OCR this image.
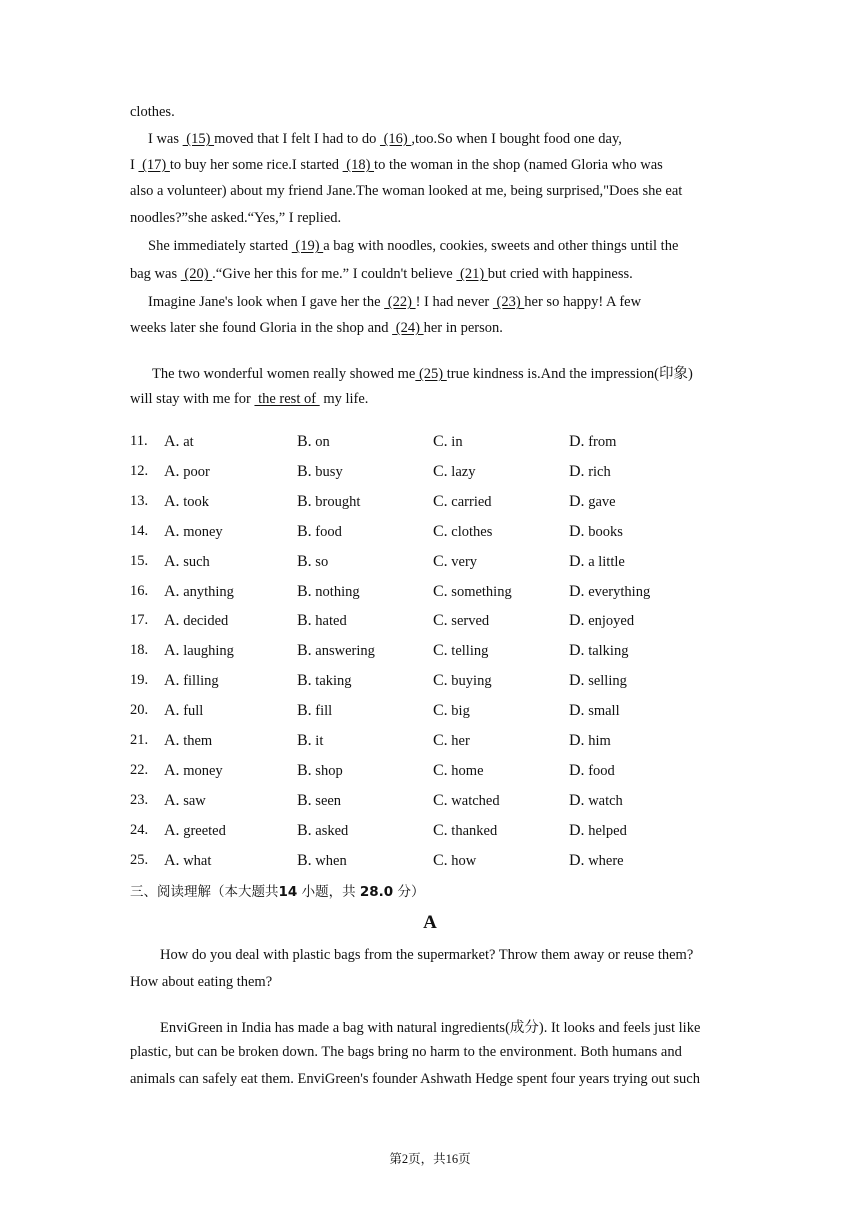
clothes.
I was  (15) moved that I felt I had to do  (16) ,too.So when I bought food one day,
I  (17) to buy her some rice.I started  (18) to the woman in the shop (named Gloria who was
also a volunteer) about my friend Jane.The woman looked at me, being surprised,"Does she eat
noodles?”she asked.“Yes,” I replied.
She immediately started  (19) a bag with noodles, cookies, sweets and other things until the
bag was  (20) .“Give her this for me.” I couldn't believe  (21) but cried with happiness.
Imagine Jane's look when I gave her the  (22) ! I had never  (23) her so happy! A few
weeks later she found Gloria in the shop and  (24) her in person.
The two wonderful women really showed me (25) true kindness is.And the impression(印象)
will stay with me for  the rest of  my life.
11. A. at	B. on	C. in	D. from
12. A. poor	B. busy	C. lazy	D. rich
13. A. took	B. brought	C. carried	D. gave
14. A. money	B. food	C. clothes	D. books
15. A. such	B. so	C. very	D. a little
16. A. anything	B. nothing	C. something	D. everything
17. A. decided	B. hated	C. served	D. enjoyed
18. A. laughing	B. answering	C. telling	D. talking
19. A. filling	B. taking	C. buying	D. selling
20. A. full	B. fill	C. big	D. small
21. A. them	B. it	C. her	D. him
22. A. money	B. shop	C. home	D. food
23. A. saw	B. seen	C. watched	D. watch
24. A. greeted	B. asked	C. thanked	D. helped
25. A. what	B. when	C. how	D. where
三、阅读理解（本大题共14 小题，共 28.0 分）
A
How do you deal with plastic bags from the supermarket? Throw them away or reuse them?
How about eating them?
EnviGreen in India has made a bag with natural ingredients(成分). It looks and feels just like
plastic, but can be broken down. The bags bring no harm to the environment. Both humans and
animals can safely eat them. EnviGreen's founder Ashwath Hedge spent four years trying out such
第2页，共16页
